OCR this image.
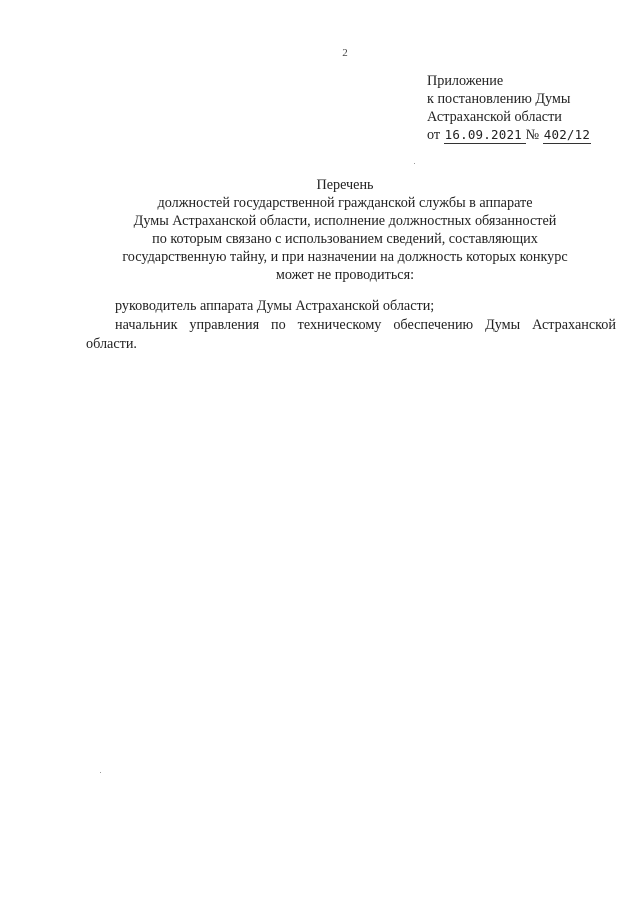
2
Приложение
к постановлению Думы
Астраханской области
от 16.09.2021 № 402/12
Перечень
должностей государственной гражданской службы в аппарате
Думы Астраханской области, исполнение должностных обязанностей
по которым связано с использованием сведений, составляющих
государственную тайну, и при назначении на должность которых конкурс
может не проводиться:
руководитель аппарата Думы Астраханской области;
начальник управления по техническому обеспечению Думы Астраханской области.
